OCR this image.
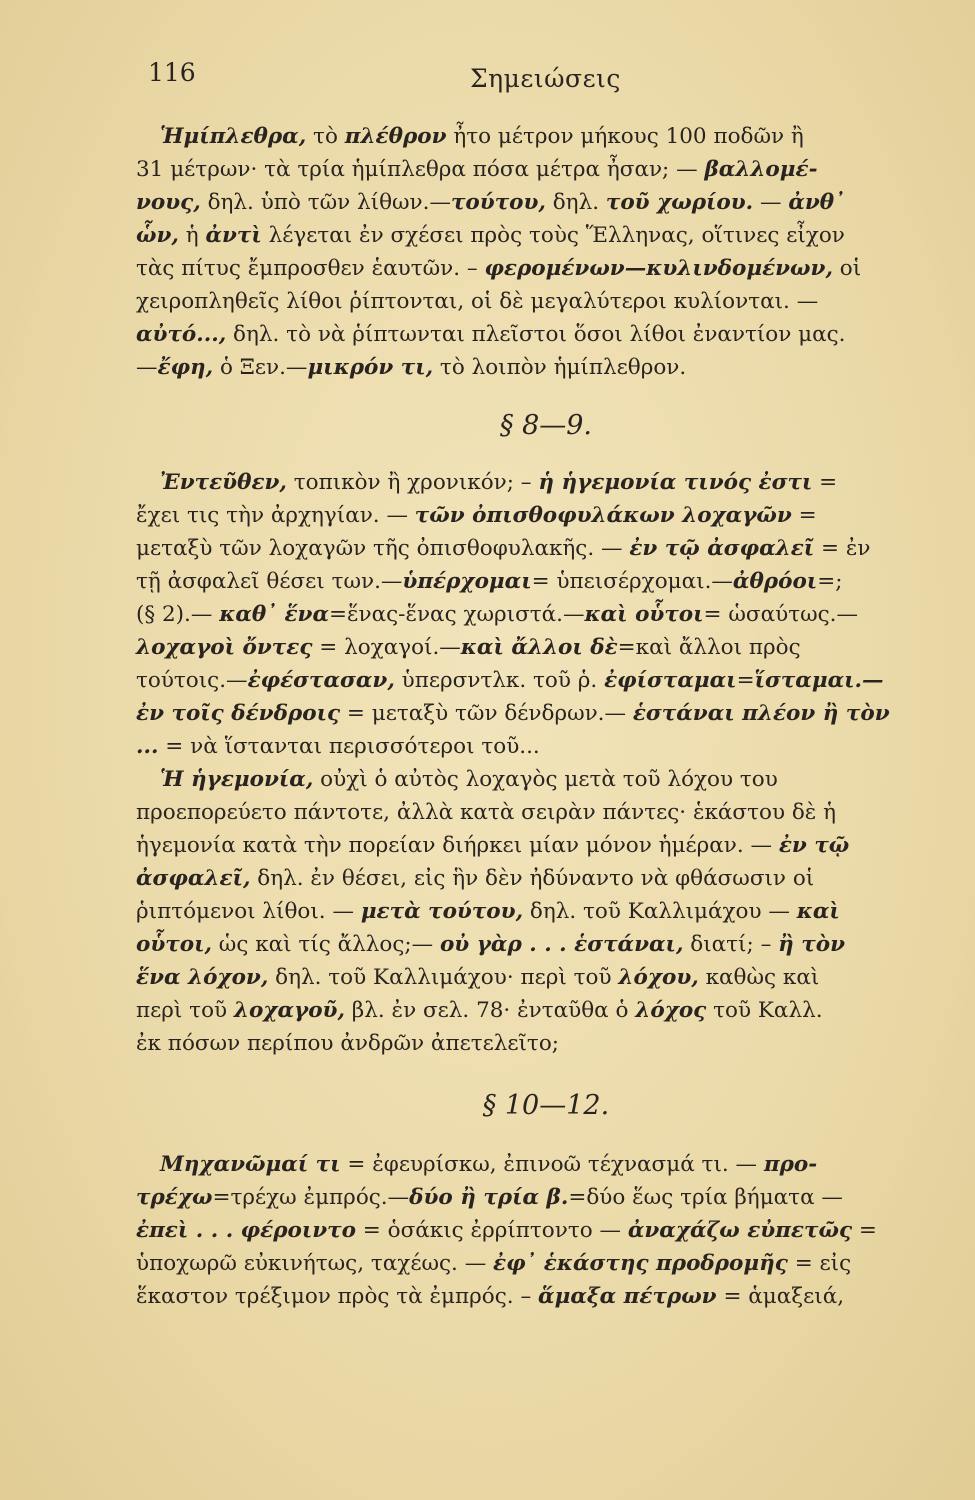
116	Σημειώσεις
Ἡμίπλεθρα, τὸ πλέθρον ἦτο μέτρον μήκους 100 ποδῶν ἢ
31 μέτρων· τὰ τρία ἡμίπλεθρα πόσα μέτρα ἦσαν; — βαλλομέ-
νους, δηλ. ὑπὸ τῶν λίθων.—τούτου, δηλ. τοῦ χωρίου. — ἀνθ᾽
ὧν, ἡ ἀντὶ λέγεται ἐν σχέσει πρὸς τοὺς Ἕλληνας, οἵτινες εἶχον
τὰς πίτυς ἔμπροσθεν ἑαυτῶν. – φερομένων—κυλινδομένων, οἱ
χειροπληθεῖς λίθοι ῥίπτονται, οἱ δὲ μεγαλύτεροι κυλίονται. —
αὐτό..., δηλ. τὸ νὰ ῥίπτωνται πλεῖστοι ὅσοι λίθοι ἐναντίον μας.
—ἔφη, ὁ Ξεν.—μικρόν τι, τὸ λοιπὸν ἡμίπλεθρον.
§ 8—9.
Ἐντεῦθεν, τοπικὸν ἢ χρονικόν; – ἡ ἡγεμονία τινός ἐστι =
ἔχει τις τὴν ἀρχηγίαν. — τῶν ὀπισθοφυλάκων λοχαγῶν =
μεταξὺ τῶν λοχαγῶν τῆς ὀπισθοφυλακῆς. — ἐν τῷ ἀσφαλεῖ = ἐν
τῇ ἀσφαλεῖ θέσει των.—ὑπέρχομαι= ὑπεισέρχομαι.—ἀθρόοι=;
(§ 2).— καθ᾽ ἕνα=ἕνας-ἕνας χωριστά.—καὶ οὗτοι= ὡσαύτως.—
λοχαγοὶ ὄντες = λοχαγοί.—καὶ ἄλλοι δὲ=καὶ ἄλλοι πρὸς
τούτοις.—ἐφέστασαν, ὑπερσντλκ. τοῦ ῥ. ἐφίσταμαι=ἵσταμαι.—
ἐν τοῖς δένδροις = μεταξὺ τῶν δένδρων.— ἑστάναι πλέον ἢ τὸν
... = νὰ ἵστανται περισσότεροι τοῦ...
Ἡ ἡγεμονία, οὐχὶ ὁ αὐτὸς λοχαγὸς μετὰ τοῦ λόχου του
προεπορεύετο πάντοτε, ἀλλὰ κατὰ σειρὰν πάντες· ἑκάστου δὲ ἡ
ἡγεμονία κατὰ τὴν πορείαν διήρκει μίαν μόνον ἡμέραν. — ἐν τῷ
ἀσφαλεῖ, δηλ. ἐν θέσει, εἰς ἣν δὲν ἠδύναντο νὰ φθάσωσιν οἱ
ῥιπτόμενοι λίθοι. — μετὰ τούτου, δηλ. τοῦ Καλλιμάχου — καὶ
οὗτοι, ὡς καὶ τίς ἄλλος;— οὐ γὰρ . . . ἑστάναι, διατί; – ἢ τὸν
ἕνα λόχον, δηλ. τοῦ Καλλιμάχου· περὶ τοῦ λόχου, καθὼς καὶ
περὶ τοῦ λοχαγοῦ, βλ. ἐν σελ. 78· ἐνταῦθα ὁ λόχος τοῦ Καλλ.
ἐκ πόσων περίπου ἀνδρῶν ἀπετελεῖτο;
§ 10—12.
Μηχανῶμαί τι = ἐφευρίσκω, ἐπινοῶ τέχνασμά τι. — προ-
τρέχω=τρέχω ἐμπρός.—δύο ἢ τρία β.=δύο ἕως τρία βήματα —
ἐπεὶ . . . φέροιντο = ὁσάκις ἐρρίπτοντο — ἀναχάζω εὐπετῶς =
ὑποχωρῶ εὐκινήτως, ταχέως. — ἐφ᾽ ἑκάστης προδρομῆς = εἰς
ἕκαστον τρέξιμον πρὸς τὰ ἐμπρός. – ἅμαξα πέτρων = ἁμαξειά,
